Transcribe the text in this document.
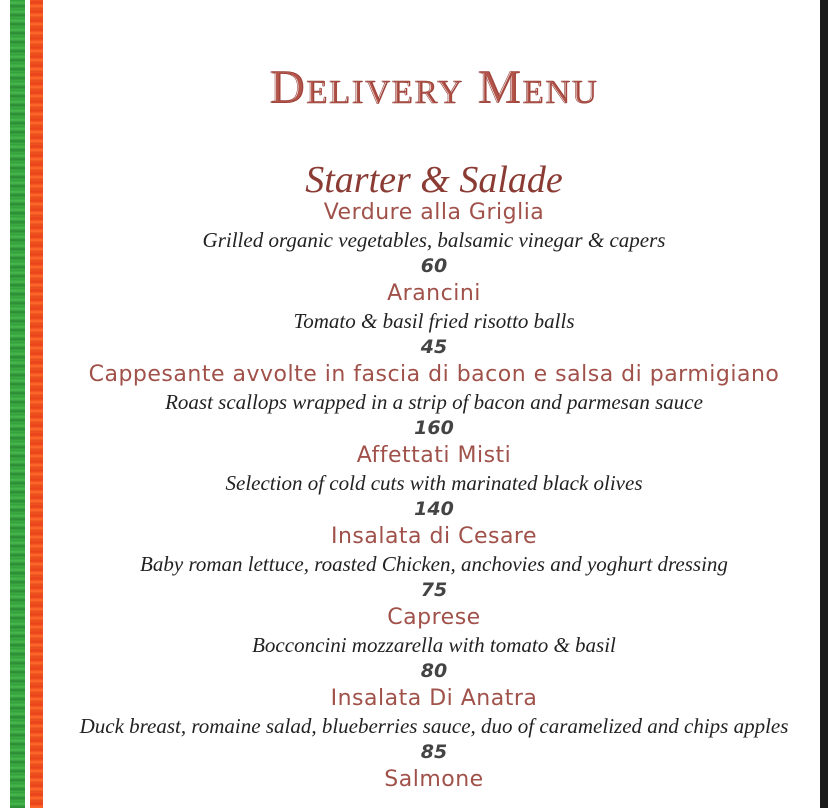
Delivery Menu
Starter & Salade
Verdure alla Griglia
Grilled organic vegetables, balsamic vinegar & capers
60
Arancini
Tomato & basil fried risotto balls
45
Cappesante avvolte in fascia di bacon e salsa di parmigiano
Roast scallops wrapped in a strip of bacon and parmesan sauce
160
Affettati Misti
Selection of cold cuts with marinated black olives
140
Insalata di Cesare
Baby roman lettuce, roasted Chicken, anchovies and yoghurt dressing
75
Caprese
Bocconcini mozzarella with tomato & basil
80
Insalata Di Anatra
Duck breast, romaine salad, blueberries sauce, duo of caramelized and chips apples
85
Salmone
